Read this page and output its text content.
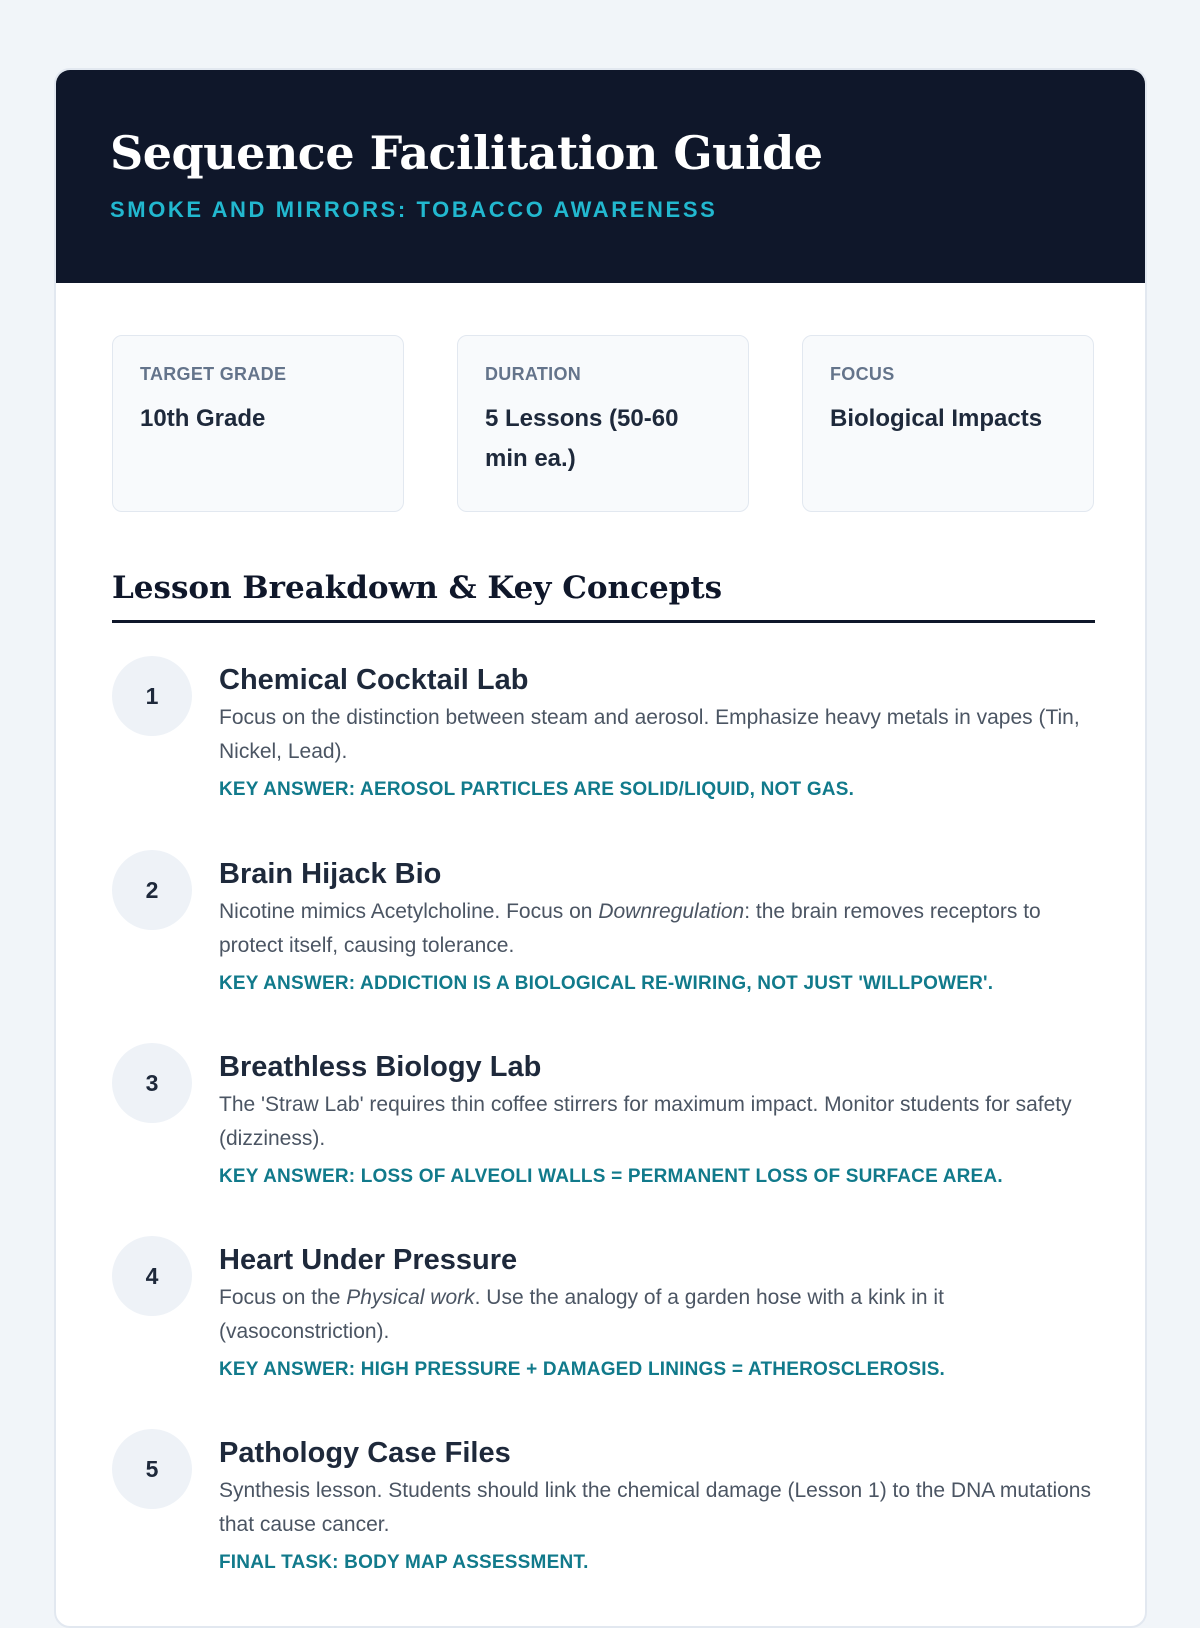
Sequence Facilitation Guide
SMOKE AND MIRRORS: TOBACCO AWARENESS
TARGET GRADE
10th Grade
DURATION
5 Lessons (50-60 min ea.)
FOCUS
Biological Impacts
Lesson Breakdown & Key Concepts
1	Chemical Cocktail Lab
Focus on the distinction between steam and aerosol. Emphasize heavy metals in vapes (Tin, Nickel, Lead).
KEY ANSWER: AEROSOL PARTICLES ARE SOLID/LIQUID, NOT GAS.
2	Brain Hijack Bio
Nicotine mimics Acetylcholine. Focus on Downregulation: the brain removes receptors to protect itself, causing tolerance.
KEY ANSWER: ADDICTION IS A BIOLOGICAL RE-WIRING, NOT JUST 'WILLPOWER'.
3	Breathless Biology Lab
The 'Straw Lab' requires thin coffee stirrers for maximum impact. Monitor students for safety (dizziness).
KEY ANSWER: LOSS OF ALVEOLI WALLS = PERMANENT LOSS OF SURFACE AREA.
4	Heart Under Pressure
Focus on the Physical work. Use the analogy of a garden hose with a kink in it (vasoconstriction).
KEY ANSWER: HIGH PRESSURE + DAMAGED LININGS = ATHEROSCLEROSIS.
5	Pathology Case Files
Synthesis lesson. Students should link the chemical damage (Lesson 1) to the DNA mutations that cause cancer.
FINAL TASK: BODY MAP ASSESSMENT.
